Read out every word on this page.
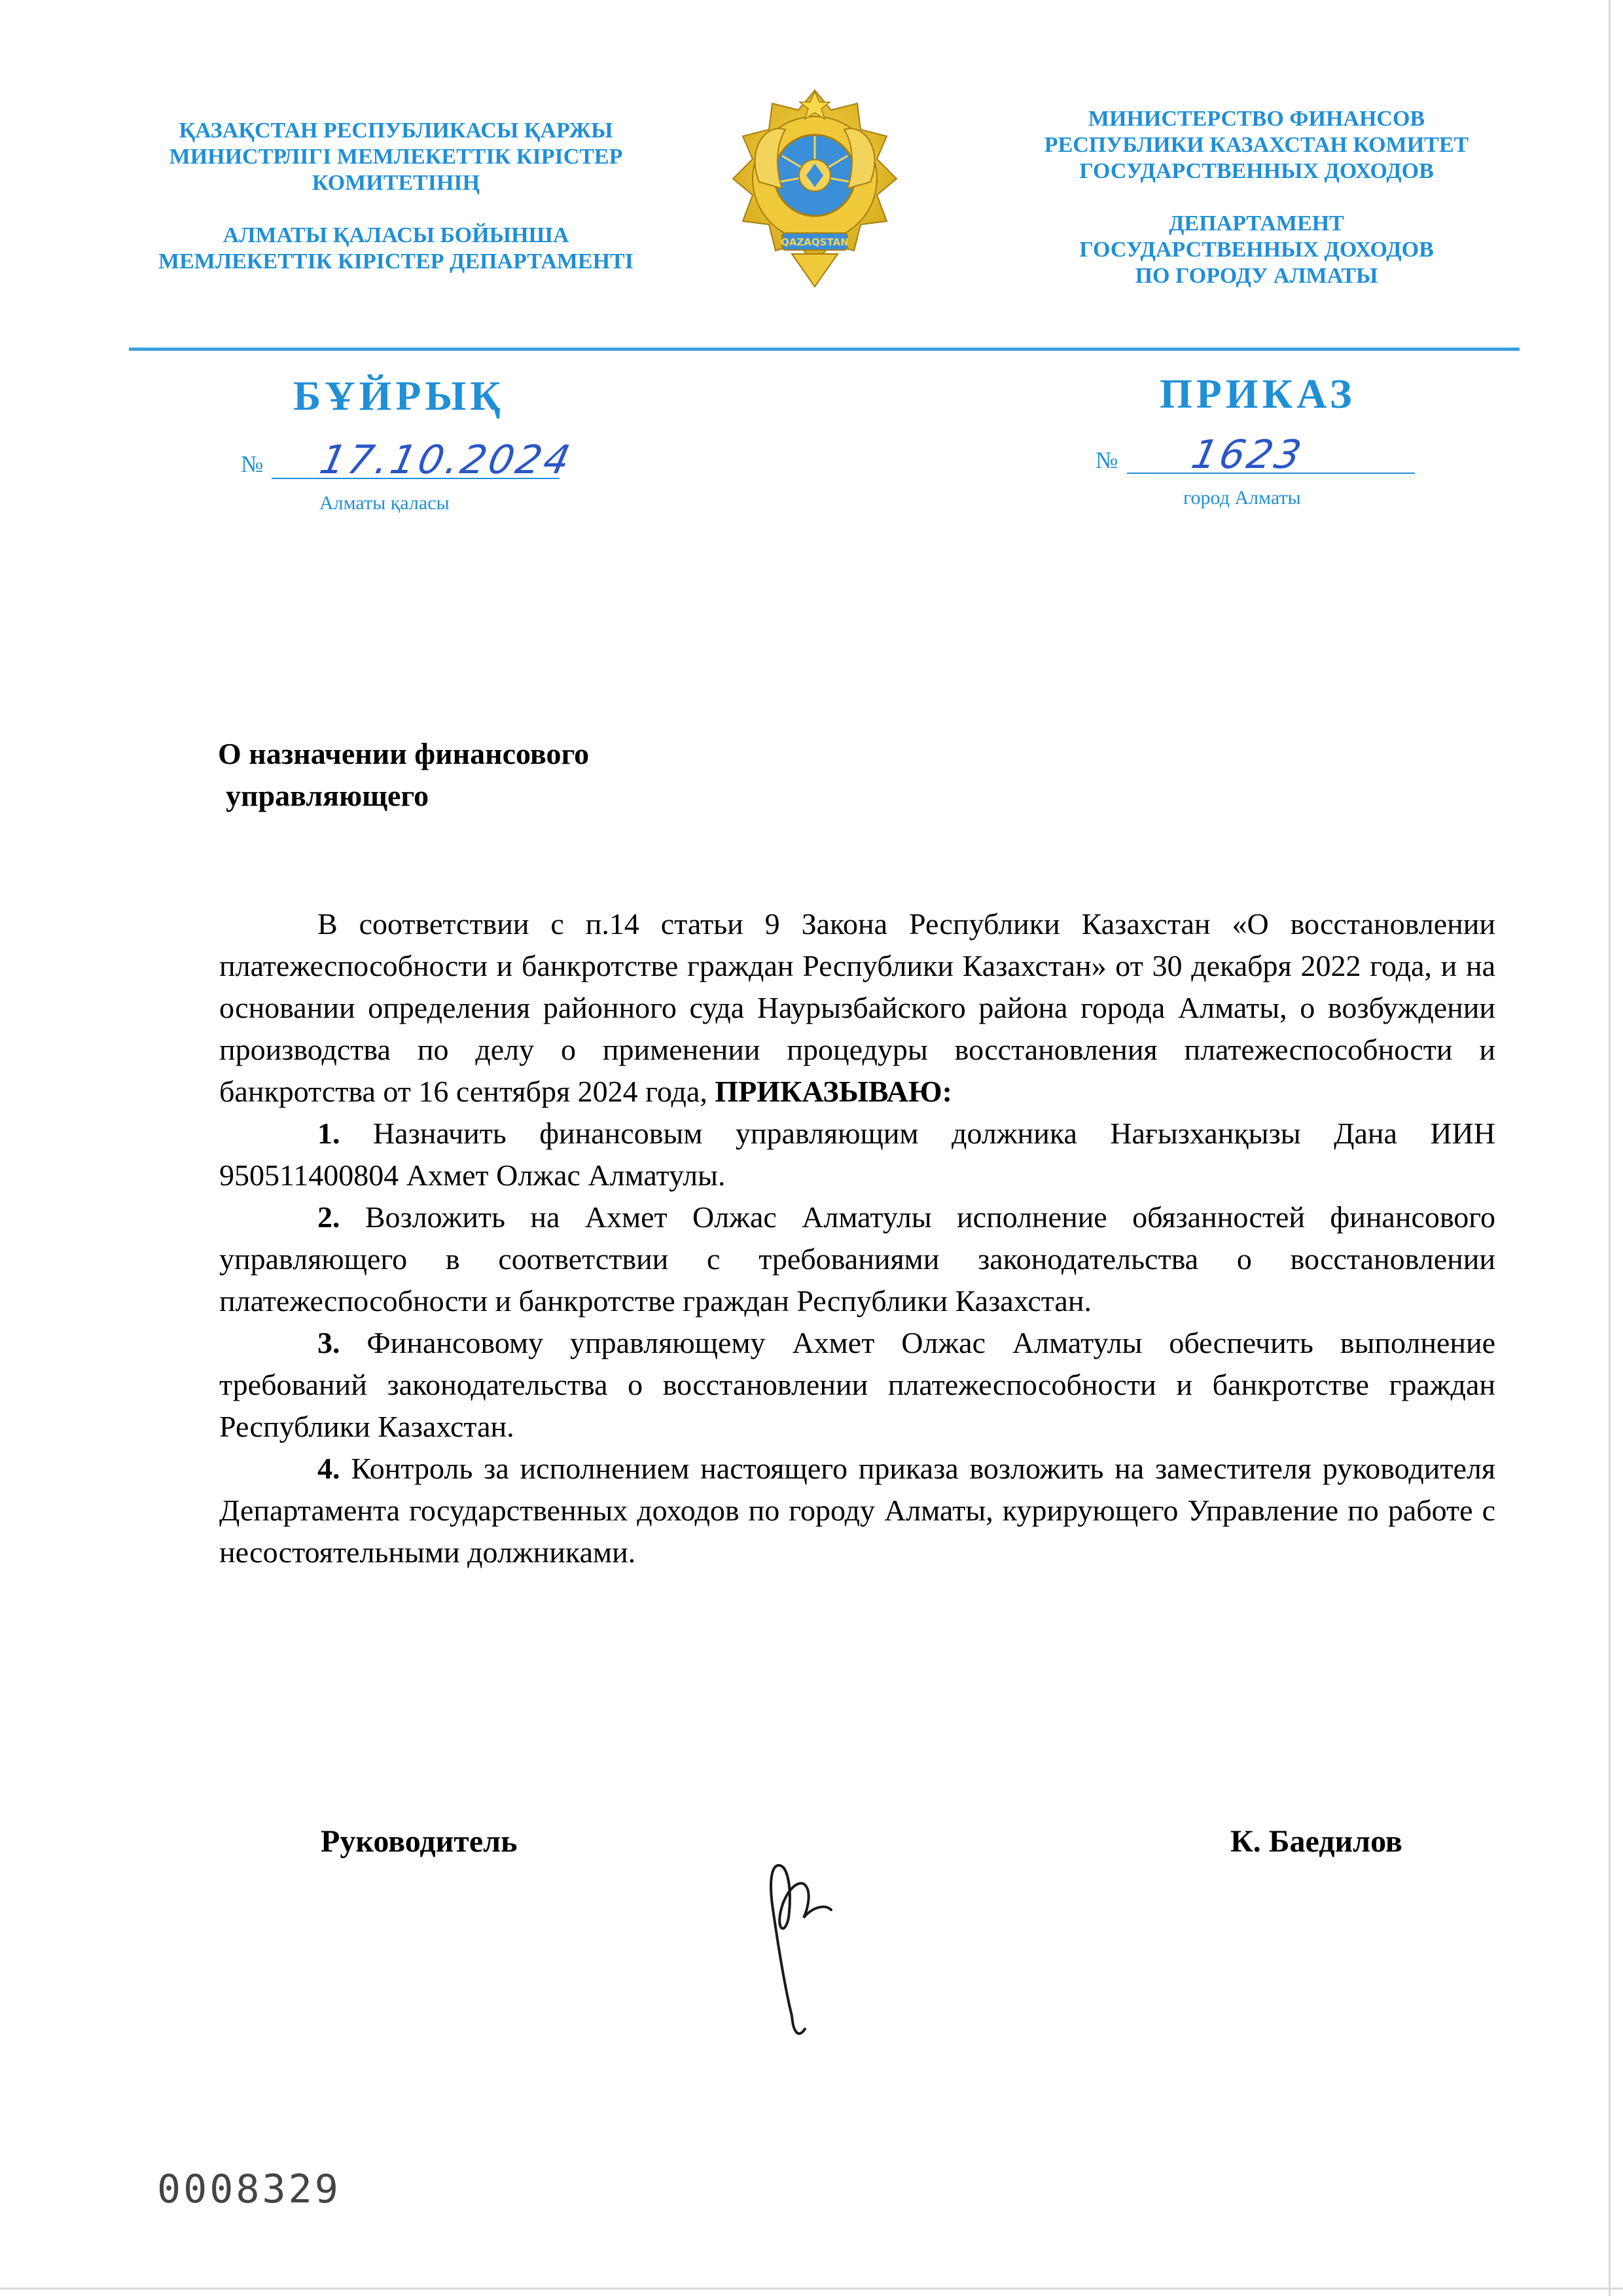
ҚАЗАҚСТАН РЕСПУБЛИКАСЫ ҚАРЖЫ
МИНИСТРЛІГІ МЕМЛЕКЕТТІК КІРІСТЕР
КОМИТЕТІНІҢ
АЛМАТЫ ҚАЛАСЫ БОЙЫНША
МЕМЛЕКЕТТІК КІРІСТЕР ДЕПАРТАМЕНТІ
QAZAQSTAN
МИНИСТЕРСТВО ФИНАНСОВ
РЕСПУБЛИКИ КАЗАХСТАН КОМИТЕТ
ГОСУДАРСТВЕННЫХ ДОХОДОВ
ДЕПАРТАМЕНТ
ГОСУДАРСТВЕННЫХ ДОХОДОВ
ПО ГОРОДУ АЛМАТЫ
БҰЙРЫҚ	ПРИКАЗ
№ 17.10.2024
Алматы қаласы
№ 1623
город Алматы
О назначении финансового
управляющего

В соответствии с п.14 статьи 9 Закона Республики Казахстан «О восстановлении платежеспособности и банкротстве граждан Республики Казахстан» от 30 декабря 2022 года, и на основании определения районного суда Наурызбайского района города Алматы, о возбуждении производства по делу о применении процедуры восстановления платежеспособности и банкротства от 16 сентября 2024 года, ПРИКАЗЫВАЮ:

1. Назначить финансовым управляющим должника Нағызханқызы Дана ИИН 950511400804 Ахмет Олжас Алматулы.

2. Возложить на Ахмет Олжас Алматулы исполнение обязанностей финансового управляющего в соответствии с требованиями законодательства о восстановлении платежеспособности и банкротстве граждан Республики Казахстан.

3. Финансовому управляющему Ахмет Олжас Алматулы обеспечить выполнение требований законодательства о восстановлении платежеспособности и банкротстве граждан Республики Казахстан.

4. Контроль за исполнением настоящего приказа возложить на заместителя руководителя Департамента государственных доходов по городу Алматы, курирующего Управление по работе с несостоятельными должниками.

Руководитель	К. Баедилов
0008329
